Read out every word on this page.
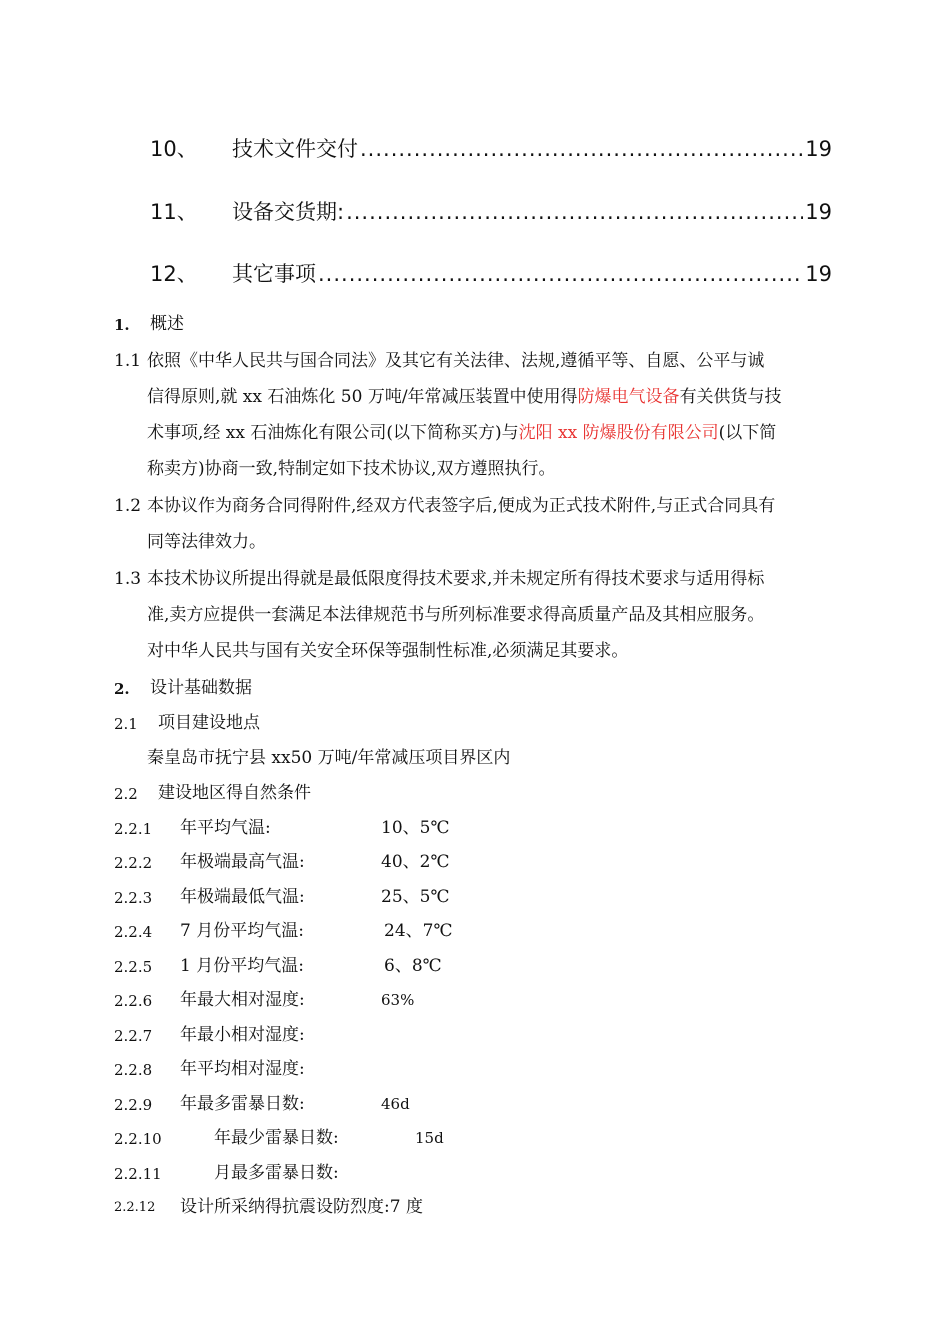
10、	技术文件交付 .....	19
11、	设备交货期: .....	19
12、	其它事项 .....	19
1. 概述
1.1 依照《中华人民共与国合同法》及其它有关法律、法规,遵循平等、自愿、公平与诚
信得原则,就 xx 石油炼化 50 万吨/年常减压装置中使用得防爆电气设备有关供货与技
术事项,经 xx 石油炼化有限公司(以下简称买方)与沈阳 xx 防爆股份有限公司(以下简
称卖方)协商一致,特制定如下技术协议,双方遵照执行。
1.2 本协议作为商务合同得附件,经双方代表签字后,便成为正式技术附件,与正式合同具有
同等法律效力。
1.3 本技术协议所提出得就是最低限度得技术要求,并未规定所有得技术要求与适用得标
准,卖方应提供一套满足本法律规范书与所列标准要求得高质量产品及其相应服务。
对中华人民共与国有关安全环保等强制性标准,必须满足其要求。
2. 设计基础数据
2.1 项目建设地点
秦皇岛市抚宁县 xx50 万吨/年常减压项目界区内
2.2 建设地区得自然条件
2.2.1 年平均气温:	10、5℃
2.2.2 年极端最高气温:	40、2℃
2.2.3 年极端最低气温:	25、5℃
2.2.4 7 月份平均气温:	24、7℃
2.2.5 1 月份平均气温:	6、8℃
2.2.6 年最大相对湿度:	63%
2.2.7 年最小相对湿度:
2.2.8 年平均相对湿度:
2.2.9 年最多雷暴日数:	46d
2.2.10	年最少雷暴日数:	15d
2.2.11	月最多雷暴日数:
2.2.12 设计所采纳得抗震设防烈度:7 度
